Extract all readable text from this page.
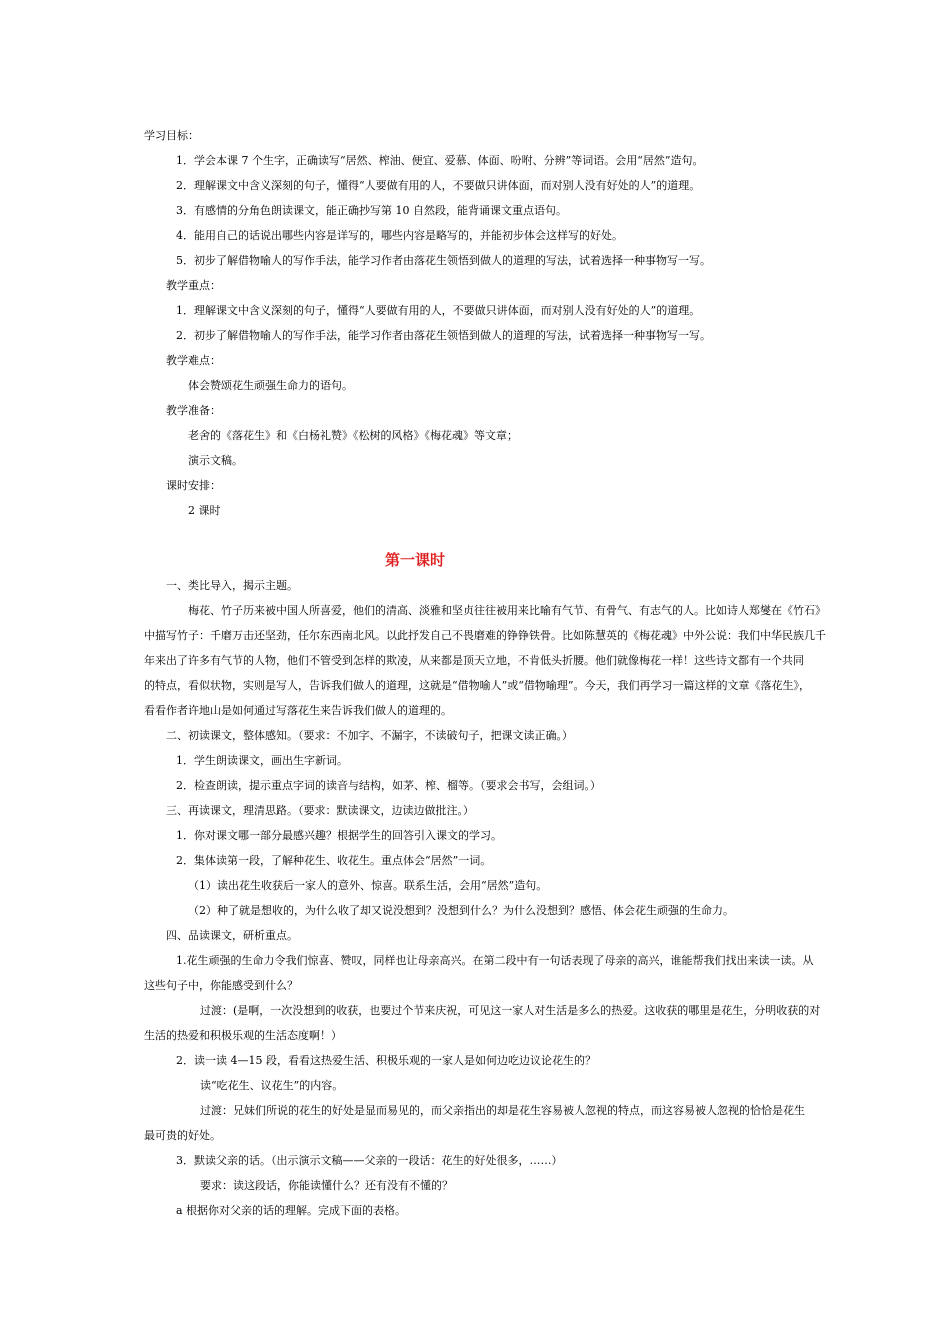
学习目标：
1．学会本课 7 个生字，正确读写“居然、榨油、便宜、爱慕、体面、吩咐、分辨”等词语。会用“居然”造句。
2．理解课文中含义深刻的句子，懂得“人要做有用的人，不要做只讲体面，而对别人没有好处的人”的道理。
3．有感情的分角色朗读课文，能正确抄写第 10 自然段，能背诵课文重点语句。
4．能用自己的话说出哪些内容是详写的，哪些内容是略写的，并能初步体会这样写的好处。
5．初步了解借物喻人的写作手法，能学习作者由落花生领悟到做人的道理的写法，试着选择一种事物写一写。
教学重点：
1．理解课文中含义深刻的句子，懂得“人要做有用的人，不要做只讲体面，而对别人没有好处的人”的道理。
2．初步了解借物喻人的写作手法，能学习作者由落花生领悟到做人的道理的写法，试着选择一种事物写一写。
教学难点：
体会赞颂花生顽强生命力的语句。
教学准备：
老舍的《落花生》和《白杨礼赞》《松树的风格》《梅花魂》等文章；
演示文稿。
课时安排：
2 课时
第一课时
一、类比导入，揭示主题。
梅花、竹子历来被中国人所喜爱，他们的清高、淡雅和坚贞往往被用来比喻有气节、有骨气、有志气的人。比如诗人郑燮在《竹石》
中描写竹子：千磨万击还坚劲，任尔东西南北风。以此抒发自己不畏磨难的铮铮铁骨。比如陈慧英的《梅花魂》中外公说：我们中华民族几千
年来出了许多有气节的人物，他们不管受到怎样的欺凌，从来都是顶天立地，不肯低头折腰。他们就像梅花一样！这些诗文都有一个共同
的特点，看似状物，实则是写人，告诉我们做人的道理，这就是“借物喻人”或“借物喻理”。今天，我们再学习一篇这样的文章《落花生》，
看看作者许地山是如何通过写落花生来告诉我们做人的道理的。
二、初读课文，整体感知。（要求：不加字、不漏字，不读破句子，把课文读正确。）
1．学生朗读课文，画出生字新词。
2．检查朗读，提示重点字词的读音与结构，如茅、榨、榴等。（要求会书写，会组词。）
三、再读课文，理清思路。（要求：默读课文，边读边做批注。）
1．你对课文哪一部分最感兴趣？根据学生的回答引入课文的学习。
2．集体读第一段，了解种花生、收花生。重点体会“居然”一词。
（1）读出花生收获后一家人的意外、惊喜。联系生活，会用“居然”造句。
（2）种了就是想收的，为什么收了却又说没想到？没想到什么？为什么没想到？感悟、体会花生顽强的生命力。
四、品读课文，研析重点。
1.花生顽强的生命力令我们惊喜、赞叹，同样也让母亲高兴。在第二段中有一句话表现了母亲的高兴，谁能帮我们找出来读一读。从
这些句子中，你能感受到什么？
过渡：(是啊，一次没想到的收获，也要过个节来庆祝，可见这一家人对生活是多么的热爱。这收获的哪里是花生，分明收获的对
生活的热爱和积极乐观的生活态度啊！）
2．读一读 4—15 段，看看这热爱生活、积极乐观的一家人是如何边吃边议论花生的？
读“吃花生、议花生”的内容。
过渡：兄妹们所说的花生的好处是显而易见的，而父亲指出的却是花生容易被人忽视的特点，而这容易被人忽视的恰恰是花生
最可贵的好处。
3．默读父亲的话。（出示演示文稿——父亲的一段话：花生的好处很多，……）
要求：读这段话，你能读懂什么？还有没有不懂的？
a 根据你对父亲的话的理解。完成下面的表格。
